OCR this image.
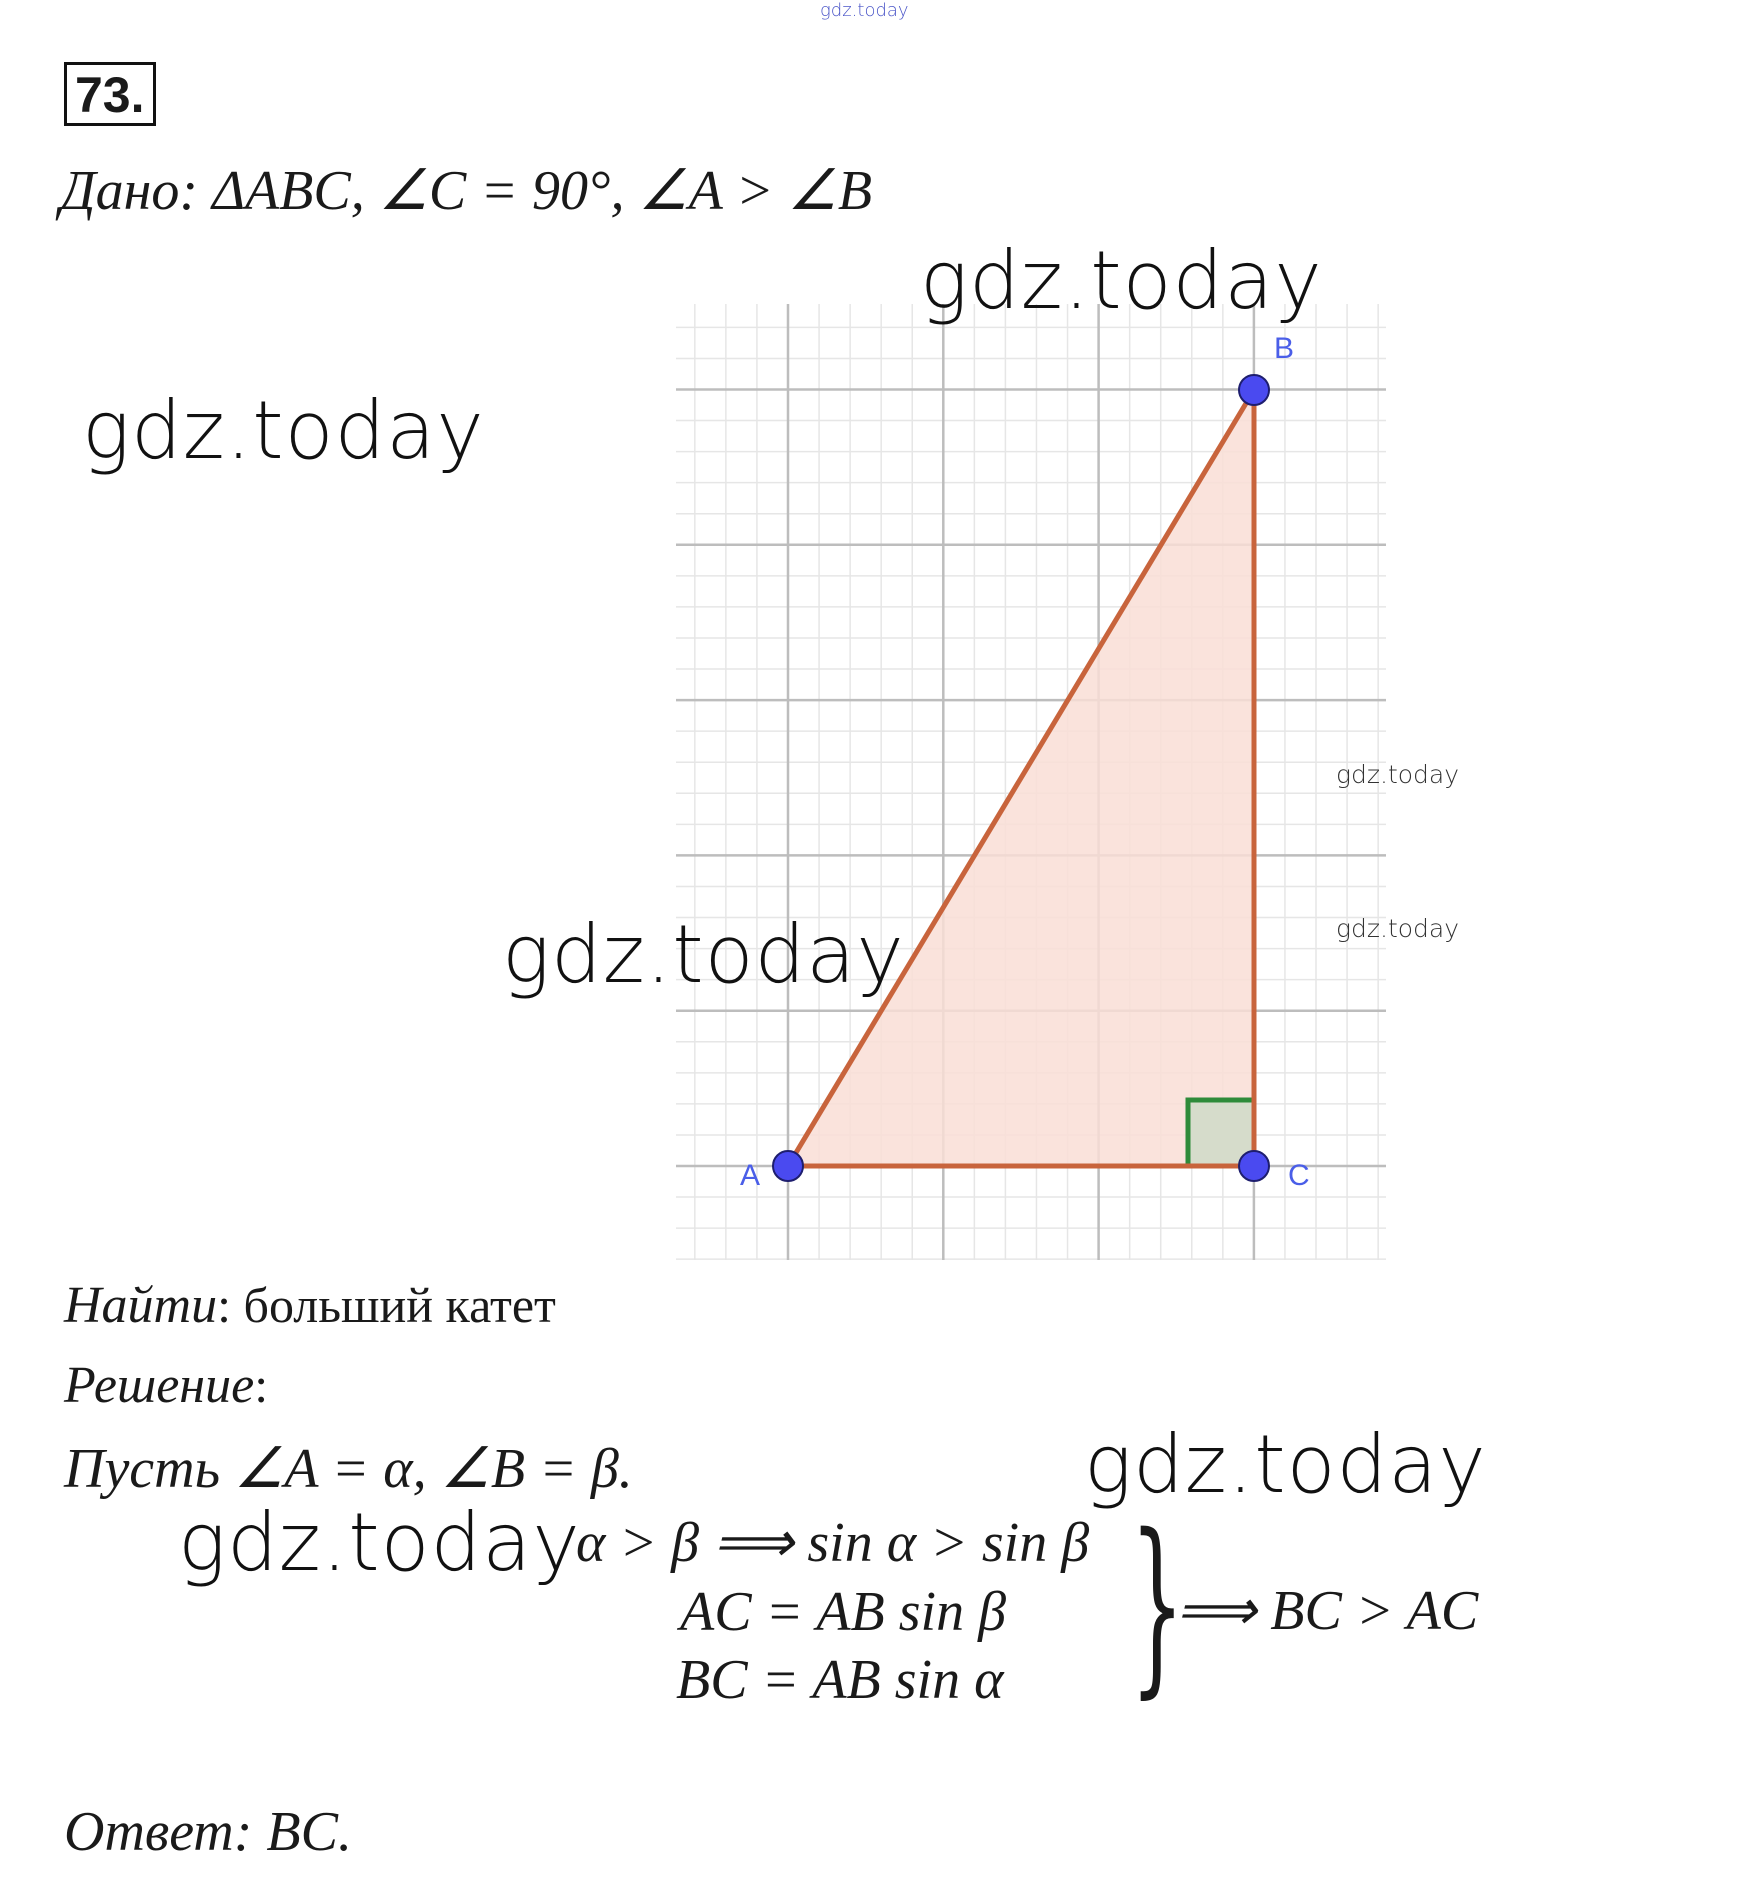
gdz.today
73.
Дано: ΔABC, ∠C = 90°, ∠A > ∠B
gdz.today
A
B
C
gdz.today
gdz.today
gdz.today
gdz.today
Найти: больший катет
Решение:
Пусть ∠A = α, ∠B = β.	gdz.today
gdz.today
α > β ⟹ sin α > sin β
AC = AB sin β
BC = AB sin α }
⟹ BC > AC
Ответ: BC.
